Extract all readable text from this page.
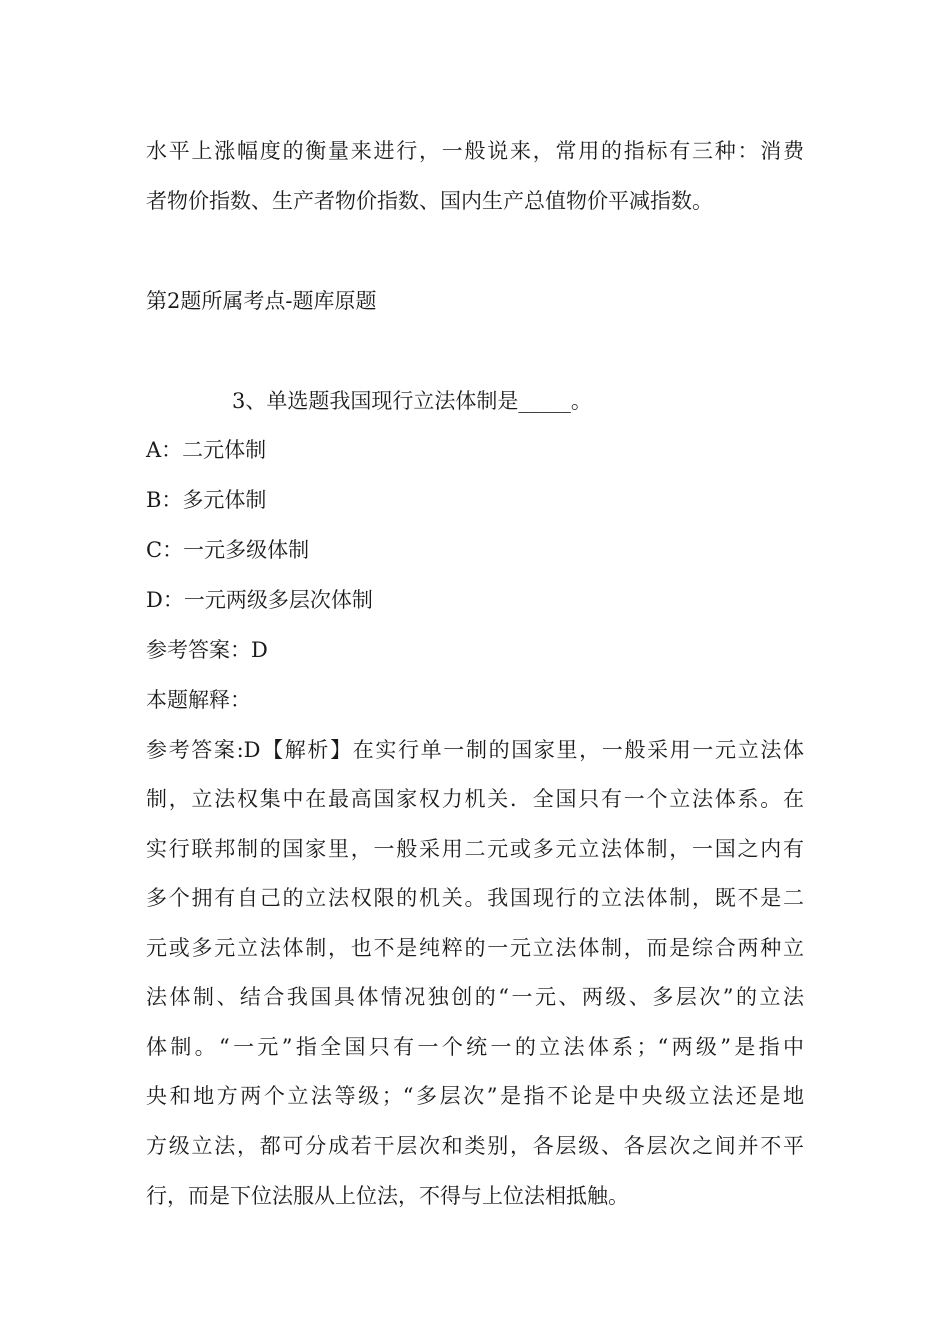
水平上涨幅度的衡量来进行，一般说来，常用的指标有三种：消费
者物价指数、生产者物价指数、国内生产总值物价平减指数。
第2题所属考点-题库原题
3、单选题我国现行立法体制是_____。
A：二元体制
B：多元体制
C：一元多级体制
D：一元两级多层次体制
参考答案：D
本题解释：
参考答案:D【解析】在实行单一制的国家里，一般采用一元立法体
制，立法权集中在最高国家权力机关．全国只有一个立法体系。在
实行联邦制的国家里，一般采用二元或多元立法体制，一国之内有
多个拥有自己的立法权限的机关。我国现行的立法体制，既不是二
元或多元立法体制，也不是纯粹的一元立法体制，而是综合两种立
法体制、结合我国具体情况独创的“一元、两级、多层次”的立法
体制。“一元”指全国只有一个统一的立法体系；“两级”是指中
央和地方两个立法等级；“多层次”是指不论是中央级立法还是地
方级立法，都可分成若干层次和类别，各层级、各层次之间并不平
行，而是下位法服从上位法，不得与上位法相抵触。
